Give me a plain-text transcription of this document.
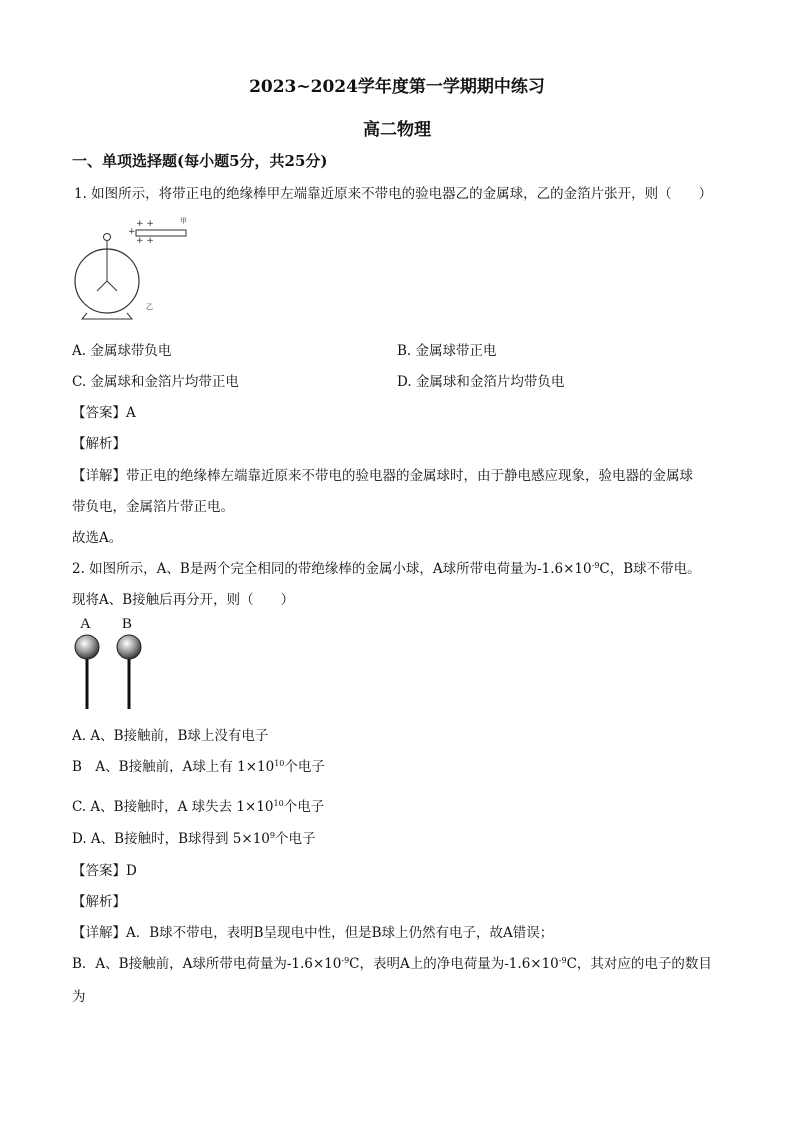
2023~2024学年度第一学期期中练习
高二物理
一、单项选择题(每小题5分，共25分)
1. 如图所示，将带正电的绝缘棒甲左端靠近原来不带电的验电器乙的金属球，乙的金箔片张开，则（　　）
甲
+ +
+
+ +
乙
A. 金属球带负电	B. 金属球带正电
C. 金属球和金箔片均带正电	D. 金属球和金箔片均带负电
【答案】A
【解析】
【详解】带正电的绝缘棒左端靠近原来不带电的验电器的金属球时，由于静电感应现象，验电器的金属球
带负电，金属箔片带正电。
故选A。
2. 如图所示，A、B是两个完全相同的带绝缘棒的金属小球，A球所带电荷量为$-1.6\times 10^{-9}C$，B球不带电。
现将A、B接触后再分开，则（　　）
A B
A. A、B接触前，B球上没有电子
B　A、B接触前，A球上有 $1\times 10^{10}$个电子
C. A、B接触时，A 球失去 $1\times 10^{10}$个电子
D. A、B接触时，B球得到 $5\times 10^9$个电子
【答案】D
【解析】
【详解】A．B球不带电，表明B呈现电中性，但是B球上仍然有电子，故A错误；
B．A、B接触前，A球所带电荷量为$-1.6\times 10^{-9}C$，表明A上的净电荷量为$-1.6\times 10^{-9}C$，其对应的电子的数目
为
